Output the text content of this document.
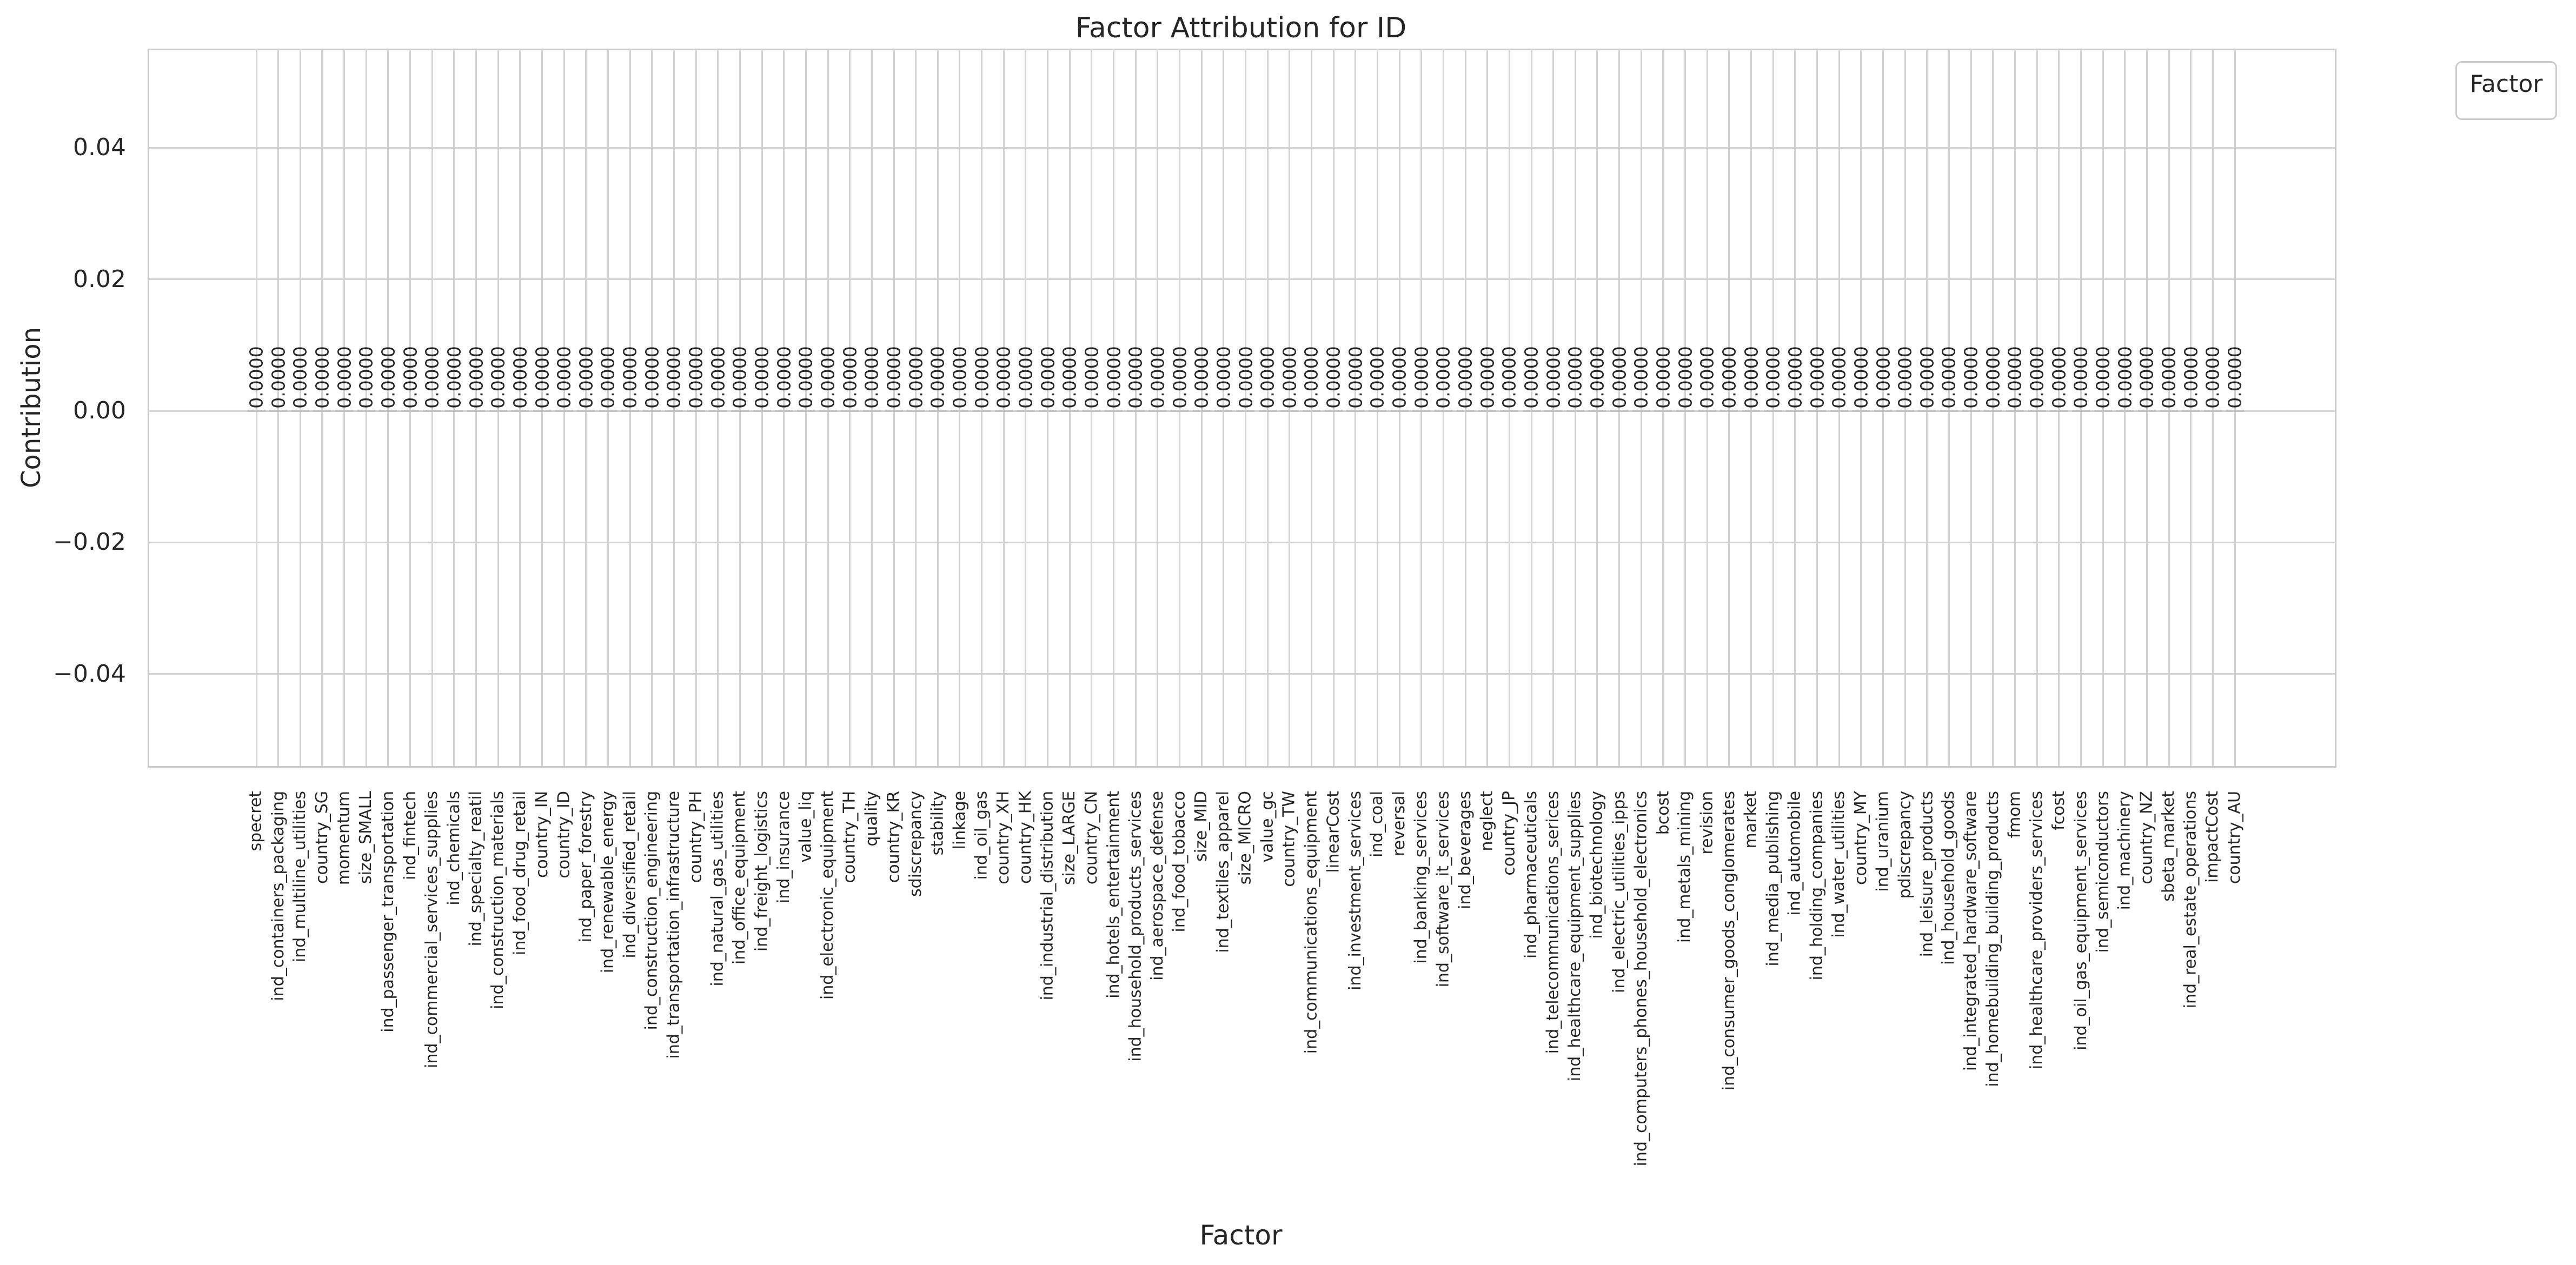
Factor Attribution for ID
Contribution
Factor
Factor
0.04
0.02
0.00
−0.02
−0.04
0.0000
specret
0.0000
ind_containers_packaging
0.0000
ind_multiline_utilities
0.0000
country_SG
0.0000
momentum
0.0000
size_SMALL
0.0000
ind_passenger_transportation
0.0000
ind_fintech
0.0000
ind_commercial_services_supplies
0.0000
ind_chemicals
0.0000
ind_specialty_reatil
0.0000
ind_construction_materials
0.0000
ind_food_drug_retail
0.0000
country_IN
0.0000
country_ID
0.0000
ind_paper_forestry
0.0000
ind_renewable_energy
0.0000
ind_diversified_retail
0.0000
ind_construction_engineering
0.0000
ind_transportation_infrastructure
0.0000
country_PH
0.0000
ind_natural_gas_utilities
0.0000
ind_office_equipment
0.0000
ind_freight_logistics
0.0000
ind_insurance
0.0000
value_liq
0.0000
ind_electronic_equipment
0.0000
country_TH
0.0000
quality
0.0000
country_KR
0.0000
sdiscrepancy
0.0000
stability
0.0000
linkage
0.0000
ind_oil_gas
0.0000
country_XH
0.0000
country_HK
0.0000
ind_industrial_distribution
0.0000
size_LARGE
0.0000
country_CN
0.0000
ind_hotels_entertainment
0.0000
ind_household_products_services
0.0000
ind_aerospace_defense
0.0000
ind_food_tobacco
0.0000
size_MID
0.0000
ind_textiles_apparel
0.0000
size_MICRO
0.0000
value_gc
0.0000
country_TW
0.0000
ind_communications_equipment
0.0000
linearCost
0.0000
ind_investment_services
0.0000
ind_coal
0.0000
reversal
0.0000
ind_banking_services
0.0000
ind_software_it_services
0.0000
ind_beverages
0.0000
neglect
0.0000
country_JP
0.0000
ind_pharmaceuticals
0.0000
ind_telecommunications_serices
0.0000
ind_healthcare_equipment_supplies
0.0000
ind_biotechnology
0.0000
ind_electric_utilities_ipps
0.0000
ind_computers_phones_household_electronics
0.0000
bcost
0.0000
ind_metals_mining
0.0000
revision
0.0000
ind_consumer_goods_conglomerates
0.0000
market
0.0000
ind_media_publishing
0.0000
ind_automobile
0.0000
ind_holding_companies
0.0000
ind_water_utilities
0.0000
country_MY
0.0000
ind_uranium
0.0000
pdiscrepancy
0.0000
ind_leisure_products
0.0000
ind_household_goods
0.0000
ind_integrated_hardware_software
0.0000
ind_homebuilding_building_products
0.0000
fmom
0.0000
ind_healthcare_providers_services
0.0000
fcost
0.0000
ind_oil_gas_equipment_services
0.0000
ind_semiconductors
0.0000
ind_machinery
0.0000
country_NZ
0.0000
sbeta_market
0.0000
ind_real_estate_operations
0.0000
impactCost
0.0000
country_AU
